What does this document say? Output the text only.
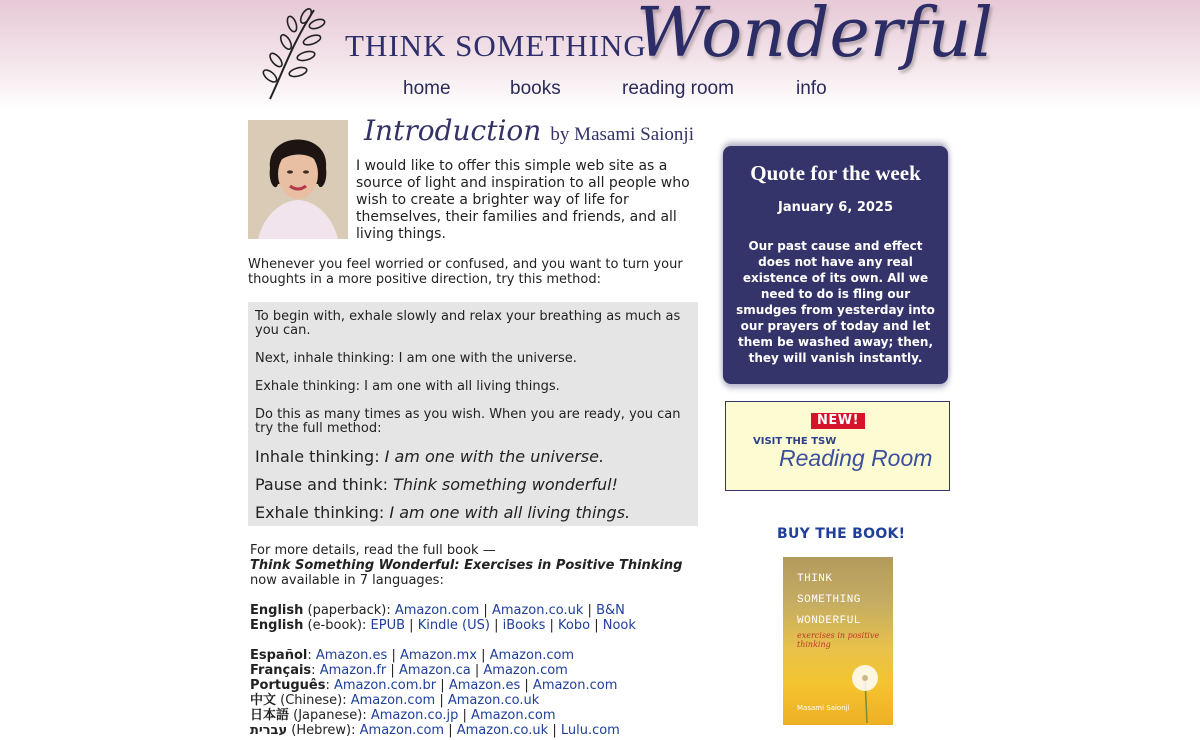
THINK SOMETHING
Wonderful
home	books	reading room	info
Introduction by Masami Saionji

I would like to offer this simple web site as a source of light and inspiration to all people who wish to create a brighter way of life for themselves, their families and friends, and all living things.

Whenever you feel worried or confused, and you want to turn your thoughts in a more positive direction, try this method:

To begin with, exhale slowly and relax your breathing as much as you can.

Next, inhale thinking: I am one with the universe.

Exhale thinking: I am one with all living things.

Do this as many times as you wish. When you are ready, you can try the full method:

Inhale thinking: I am one with the universe.

Pause and think: Think something wonderful!

Exhale thinking: I am one with all living things.

For more details, read the full book —
Think Something Wonderful: Exercises in Positive Thinking
now available in 7 languages:
English (paperback): Amazon.com | Amazon.co.uk | B&N
English (e-book): EPUB | Kindle (US) | iBooks | Kobo | Nook
Español: Amazon.es | Amazon.mx | Amazon.com
Français: Amazon.fr | Amazon.ca | Amazon.com
Português: Amazon.com.br | Amazon.es | Amazon.com
中文 (Chinese): Amazon.com | Amazon.co.uk
日本語 (Japanese): Amazon.co.jp | Amazon.com
עברית (Hebrew): Amazon.com | Amazon.co.uk | Lulu.com
Quote for the week
January 6, 2025

Our past cause and effect does not have any real existence of its own. All we need to do is fling our smudges from yesterday into our prayers of today and let them be washed away; then, they will vanish instantly.

NEW!
VISIT THE TSW
Reading Room
BUY THE BOOK!
THINK
SOMETHING
WONDERFUL
exercises in positive thinking
Masami Saionji
